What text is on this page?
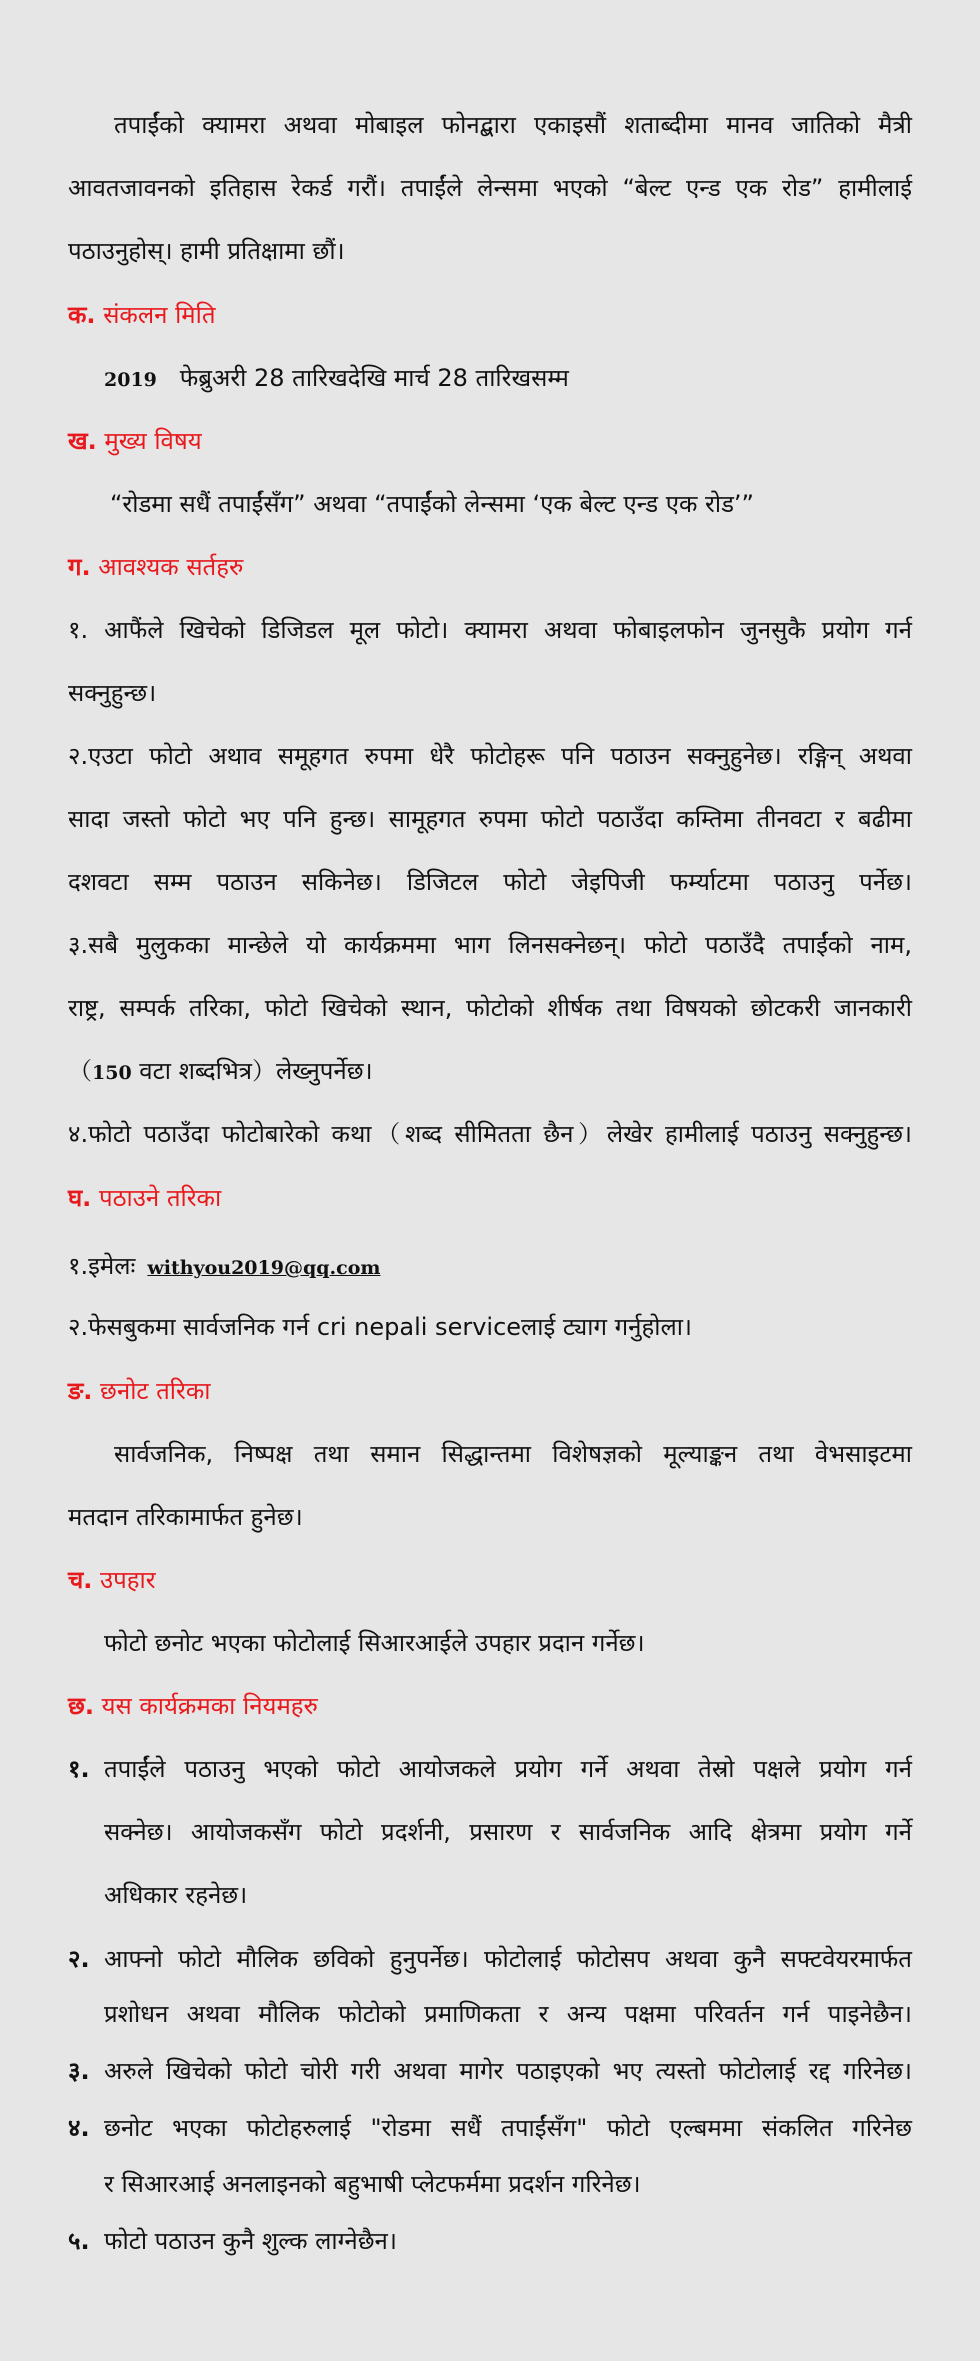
तपाईंको क्यामरा अथवा मोबाइल फोनद्बारा एकाइसौं शताब्दीमा मानव जातिको मैत्री
आवतजावनको इतिहास रेकर्ड गरौं। तपाईंले लेन्समा भएको “बेल्ट एन्ड एक रोड” हामीलाई
पठाउनुहोस्। हामी प्रतिक्षामा छौं।
क. संकलन मिति
2019 फेब्रुअरी 28 तारिखदेखि मार्च 28 तारिखसम्म
ख. मुख्य विषय
“रोडमा सधैं तपाईंसँग” अथवा “तपाईंको लेन्समा ‘एक बेल्ट एन्ड एक रोड’”
ग. आवश्यक सर्तहरु
१. आफैंले खिचेको डिजिडल मूल फोटो। क्यामरा अथवा फोबाइलफोन जुनसुकै प्रयोग गर्न
सक्नुहुन्छ।
२.एउटा फोटो अथाव समूहगत रुपमा धेरै फोटोहरू पनि पठाउन सक्नुहुनेछ। रङ्गिन् अथवा
सादा जस्तो फोटो भए पनि हुन्छ। सामूहगत रुपमा फोटो पठाउँदा कम्तिमा तीनवटा र बढीमा
दशवटा सम्म पठाउन सकिनेछ। डिजिटल फोटो जेइपिजी फर्म्याटमा पठाउनु पर्नेछ।
३.सबै मुलुकका मान्छेले यो कार्यक्रममा भाग लिनसक्नेछन्। फोटो पठाउँदै तपाईंको नाम,
राष्ट्र, सम्पर्क तरिका, फोटो खिचेको स्थान, फोटोको शीर्षक तथा विषयको छोटकरी जानकारी
（150 वटा शब्दभित्र）लेख्नुपर्नेछ।
४.फोटो पठाउँदा फोटोबारेको कथा（शब्द सीमितता छैन）लेखेर हामीलाई पठाउनु सक्नुहुन्छ।
घ. पठाउने तरिका
१.इमेलः withyou2019@qq.com
२.फेसबुकमा सार्वजनिक गर्न cri nepali serviceलाई ट्याग गर्नुहोला।
ङ. छनोट तरिका
सार्वजनिक, निष्पक्ष तथा समान सिद्धान्तमा विशेषज्ञको मूल्याङ्कन तथा वेभसाइटमा
मतदान तरिकामार्फत हुनेछ।
च. उपहार
फोटो छनोट भएका फोटोलाई सिआरआईले उपहार प्रदान गर्नेछ।
छ. यस कार्यक्रमका नियमहरु
१. तपाईंले पठाउनु भएको फोटो आयोजकले प्रयोग गर्ने अथवा तेस्रो पक्षले प्रयोग गर्न
सक्नेछ। आयोजकसँग फोटो प्रदर्शनी, प्रसारण र सार्वजनिक आदि क्षेत्रमा प्रयोग गर्ने
अधिकार रहनेछ।
२. आफ्नो फोटो मौलिक छविको हुनुपर्नेछ। फोटोलाई फोटोसप अथवा कुनै सफ्टवेयरमार्फत
प्रशोधन अथवा मौलिक फोटोको प्रमाणिकता र अन्य पक्षमा परिवर्तन गर्न पाइनेछैन।
३. अरुले खिचेको फोटो चोरी गरी अथवा मागेर पठाइएको भए त्यस्तो फोटोलाई रद्द गरिनेछ।
४. छनोट भएका फोटोहरुलाई "रोडमा सधैं तपाईंसँग" फोटो एल्बममा संकलित गरिनेछ
र सिआरआई अनलाइनको बहुभाषी प्लेटफर्ममा प्रदर्शन गरिनेछ।
५. फोटो पठाउन कुनै शुल्क लाग्नेछैन।
